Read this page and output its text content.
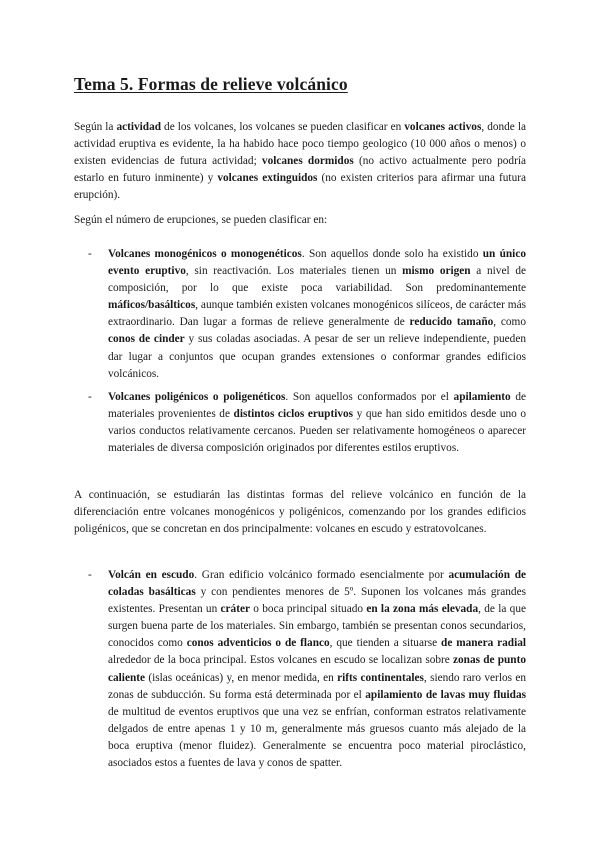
Tema 5. Formas de relieve volcánico

Según la actividad de los volcanes, los volcanes se pueden clasificar en volcanes activos, donde la actividad eruptiva es evidente, la ha habido hace poco tiempo geologico (10 000 años o menos) o existen evidencias de futura actividad; volcanes dormidos (no activo actualmente pero podría estarlo en futuro inminente) y volcanes extinguidos (no existen criterios para afirmar una futura erupción).

Según el número de erupciones, se pueden clasificar en:

- Volcanes monogénicos o monogenéticos. Son aquellos donde solo ha existido un único evento eruptivo, sin reactivación. Los materiales tienen un mismo origen a nivel de composición, por lo que existe poca variabilidad. Son predominantemente máficos/basálticos, aunque también existen volcanes monogénicos silíceos, de carácter más extraordinario. Dan lugar a formas de relieve generalmente de reducido tamaño, como conos de cinder y sus coladas asociadas. A pesar de ser un relieve independiente, pueden dar lugar a conjuntos que ocupan grandes extensiones o conformar grandes edificios volcánicos.

- Volcanes poligénicos o poligenéticos. Son aquellos conformados por el apilamiento de materiales provenientes de distintos ciclos eruptivos y que han sido emitidos desde uno o varios conductos relativamente cercanos. Pueden ser relativamente homogéneos o aparecer materiales de diversa composición originados por diferentes estilos eruptivos.

A continuación, se estudiarán las distintas formas del relieve volcánico en función de la diferenciación entre volcanes monogénicos y poligénicos, comenzando por los grandes edificios poligénicos, que se concretan en dos principalmente: volcanes en escudo y estratovolcanes.

- Volcán en escudo. Gran edificio volcánico formado esencialmente por acumulación de coladas basálticas y con pendientes menores de 5º. Suponen los volcanes más grandes existentes. Presentan un cráter o boca principal situado en la zona más elevada, de la que surgen buena parte de los materiales. Sin embargo, también se presentan conos secundarios, conocidos como conos adventicios o de flanco, que tienden a situarse de manera radial alrededor de la boca principal. Estos volcanes en escudo se localizan sobre zonas de punto caliente (islas oceánicas) y, en menor medida, en rifts continentales, siendo raro verlos en zonas de subducción. Su forma está determinada por el apilamiento de lavas muy fluidas de multitud de eventos eruptivos que una vez se enfrían, conforman estratos relativamente delgados de entre apenas 1 y 10 m, generalmente más gruesos cuanto más alejado de la boca eruptiva (menor fluidez). Generalmente se encuentra poco material piroclástico, asociados estos a fuentes de lava y conos de spatter.
